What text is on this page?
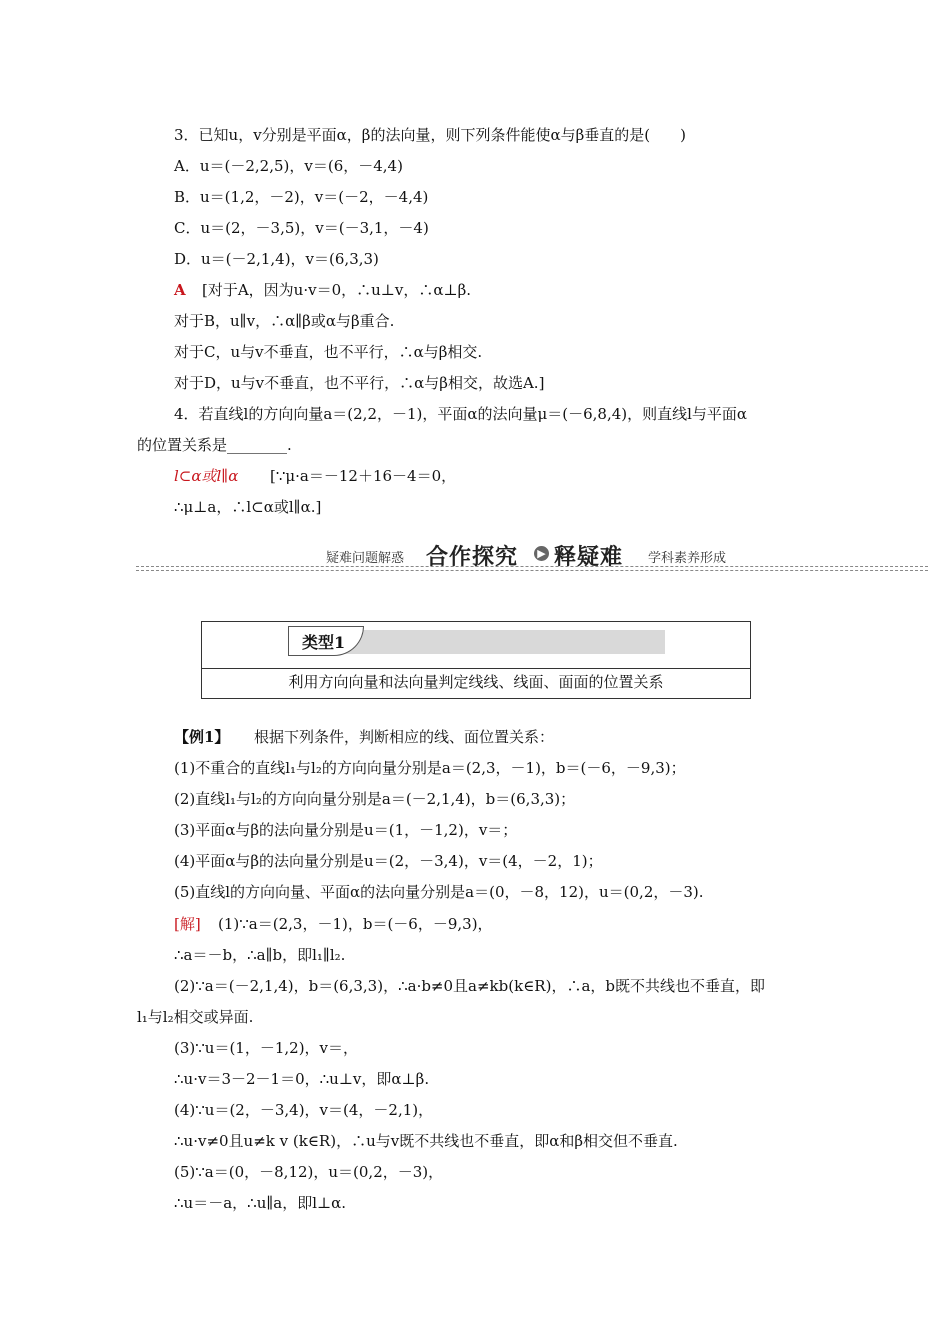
3．已知u，v分别是平面α，β的法向量，则下列条件能使α与β垂直的是(　　)
A．u＝(－2,2,5)，v＝(6，－4,4)
B．u＝(1,2，－2)，v＝(－2，－4,4)
C．u＝(2，－3,5)，v＝(－3,1，－4)
D．u＝(－2,1,4)，v＝(6,3,3)
A [对于A，因为u·v＝0，∴u⊥v，∴α⊥β.
对于B，u∥v，∴α∥β或α与β重合.
对于C，u与v不垂直，也不平行，∴α与β相交.
对于D，u与v不垂直，也不平行，∴α与β相交，故选A.]
4．若直线l的方向向量a＝(2,2，－1)，平面α的法向量μ＝(－6,8,4)，则直线l与平面α
的位置关系是________.
l⊂α或l∥α [∵μ·a＝－12＋16－4＝0，
∴μ⊥a，∴l⊂α或l∥α.]
疑难问题解惑 合作探究 ▶ 释疑难 学科素养形成
类型1
利用方向向量和法向量判定线线、线面、面面的位置关系
【例1】 根据下列条件，判断相应的线、面位置关系：
(1)不重合的直线l₁与l₂的方向向量分别是a＝(2,3，－1)，b＝(－6，－9,3)；
(2)直线l₁与l₂的方向向量分别是a＝(－2,1,4)，b＝(6,3,3)；
(3)平面α与β的法向量分别是u＝(1，－1,2)，v＝；
(4)平面α与β的法向量分别是u＝(2，－3,4)，v＝(4，－2，1)；
(5)直线l的方向向量、平面α的法向量分别是a＝(0，－8，12)，u＝(0,2，－3).
[解] (1)∵a＝(2,3，－1)，b＝(－6，－9,3)，
∴a＝－b，∴a∥b，即l₁∥l₂.
(2)∵a＝(－2,1,4)，b＝(6,3,3)，∴a·b≠0且a≠kb(k∈R)，∴a，b既不共线也不垂直，即
l₁与l₂相交或异面.
(3)∵u＝(1，－1,2)，v＝，
∴u·v＝3－2－1＝0，∴u⊥v，即α⊥β.
(4)∵u＝(2，－3,4)，v＝(4，－2,1)，
∴u·v≠0且u≠k v (k∈R)，∴u与v既不共线也不垂直，即α和β相交但不垂直.
(5)∵a＝(0，－8,12)，u＝(0,2，－3)，
∴u＝－a，∴u∥a，即l⊥α.
